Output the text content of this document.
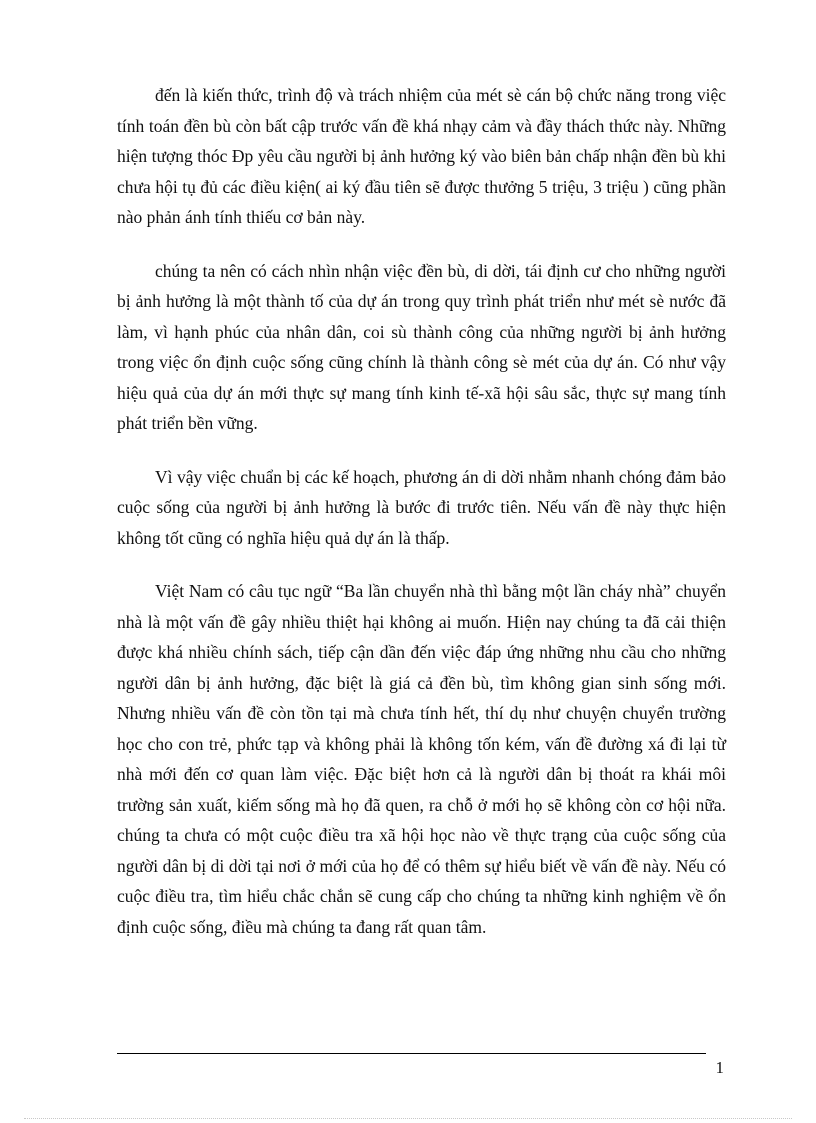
đến là kiến thức, trình độ và trách nhiệm của mét sè cán bộ chức năng trong việc tính toán đền bù còn bất cập trước vấn đề khá nhạy cảm và đầy thách thức này. Những hiện tượng thóc Đp yêu cầu người bị ảnh hưởng ký vào biên bản chấp nhận đền bù khi chưa hội tụ đủ các điều kiện( ai ký đầu tiên sẽ được thưởng 5 triệu, 3 triệu ) cũng phần nào phản ánh tính thiếu cơ bản này.

chúng ta nên có cách nhìn nhận việc đền bù, di dời, tái định cư cho những người bị ảnh hưởng là một thành tố của dự án trong quy trình phát triển như mét sè nước đã làm, vì hạnh phúc của nhân dân, coi sù thành công của những người bị ảnh hưởng trong việc ổn định cuộc sống cũng chính là thành công sè mét của dự án. Có như vậy hiệu quả của dự án mới thực sự mang tính kinh tế-xã hội sâu sắc, thực sự mang tính phát triển bền vững.

Vì vậy việc chuẩn bị các kế hoạch, phương án di dời nhằm nhanh chóng đảm bảo cuộc sống của người bị ảnh hưởng là bước đi trước tiên. Nếu vấn đề này thực hiện không tốt cũng có nghĩa hiệu quả dự án là thấp.

Việt Nam có câu tục ngữ “Ba lần chuyển nhà thì bằng một lần cháy nhà” chuyển nhà là một vấn đề gây nhiều thiệt hại không ai muốn. Hiện nay chúng ta đã cải thiện được khá nhiều chính sách, tiếp cận dần đến việc đáp ứng những nhu cầu cho những người dân bị ảnh hưởng, đặc biệt là giá cả đền bù, tìm không gian sinh sống mới. Nhưng nhiều vấn đề còn tồn tại mà chưa tính hết, thí dụ như chuyện chuyển trường học cho con trẻ, phức tạp và không phải là không tốn kém, vấn đề đường xá đi lại từ nhà mới đến cơ quan làm việc. Đặc biệt hơn cả là người dân bị thoát ra khái môi trường sản xuất, kiếm sống mà họ đã quen, ra chỗ ở mới họ sẽ không còn cơ hội nữa. chúng ta chưa có một cuộc điều tra xã hội học nào về thực trạng của cuộc sống của người dân bị di dời tại nơi ở mới của họ để có thêm sự hiểu biết về vấn đề này. Nếu có cuộc điều tra, tìm hiểu chắc chắn sẽ cung cấp cho chúng ta những kinh nghiệm về ổn định cuộc sống, điều mà chúng ta đang rất quan tâm.

1
